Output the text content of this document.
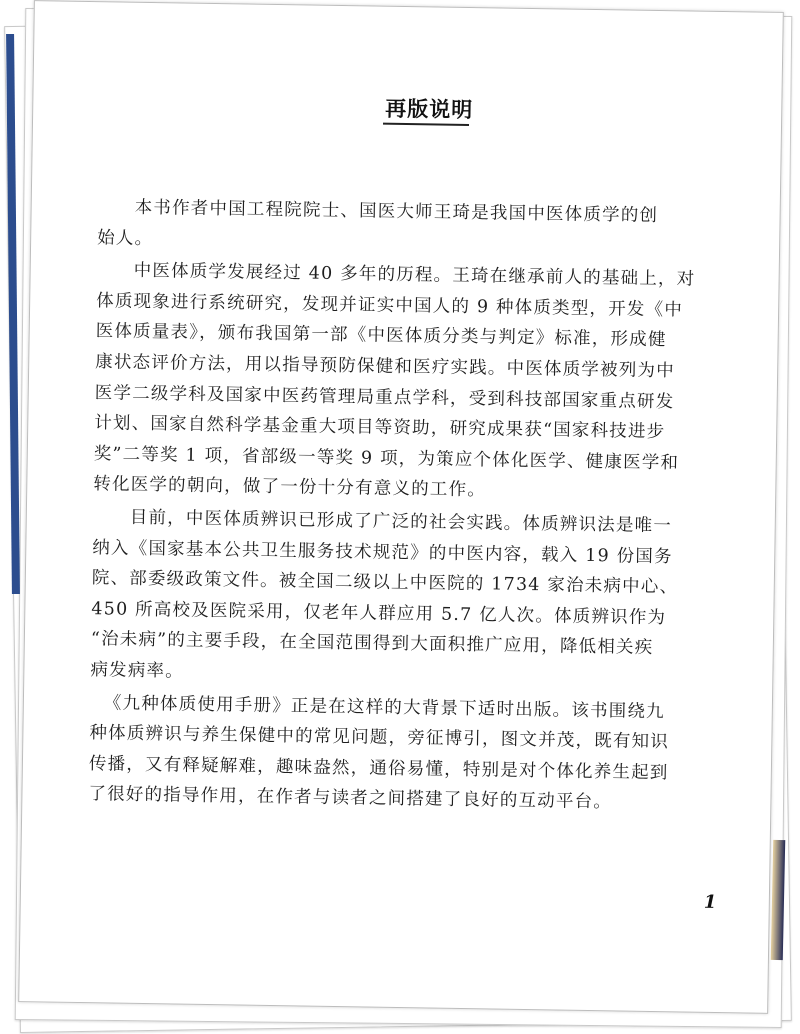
再版说明

本书作者中国工程院院士、国医大师王琦是我国中医体质学的创
始人。

中医体质学发展经过 40 多年的历程。王琦在继承前人的基础上，对
体质现象进行系统研究，发现并证实中国人的 9 种体质类型，开发《中
医体质量表》，颁布我国第一部《中医体质分类与判定》标准，形成健
康状态评价方法，用以指导预防保健和医疗实践。中医体质学被列为中
医学二级学科及国家中医药管理局重点学科，受到科技部国家重点研发
计划、国家自然科学基金重大项目等资助，研究成果获“国家科技进步
奖”二等奖 1 项，省部级一等奖 9 项，为策应个体化医学、健康医学和
转化医学的朝向，做了一份十分有意义的工作。

目前，中医体质辨识已形成了广泛的社会实践。体质辨识法是唯一
纳入《国家基本公共卫生服务技术规范》的中医内容，载入 19 份国务
院、部委级政策文件。被全国二级以上中医院的 1734 家治未病中心、
450 所高校及医院采用，仅老年人群应用 5.7 亿人次。体质辨识作为
“治未病”的主要手段，在全国范围得到大面积推广应用，降低相关疾
病发病率。

《九种体质使用手册》正是在这样的大背景下适时出版。该书围绕九
种体质辨识与养生保健中的常见问题，旁征博引，图文并茂，既有知识
传播，又有释疑解难，趣味盎然，通俗易懂，特别是对个体化养生起到
了很好的指导作用，在作者与读者之间搭建了良好的互动平台。

1
